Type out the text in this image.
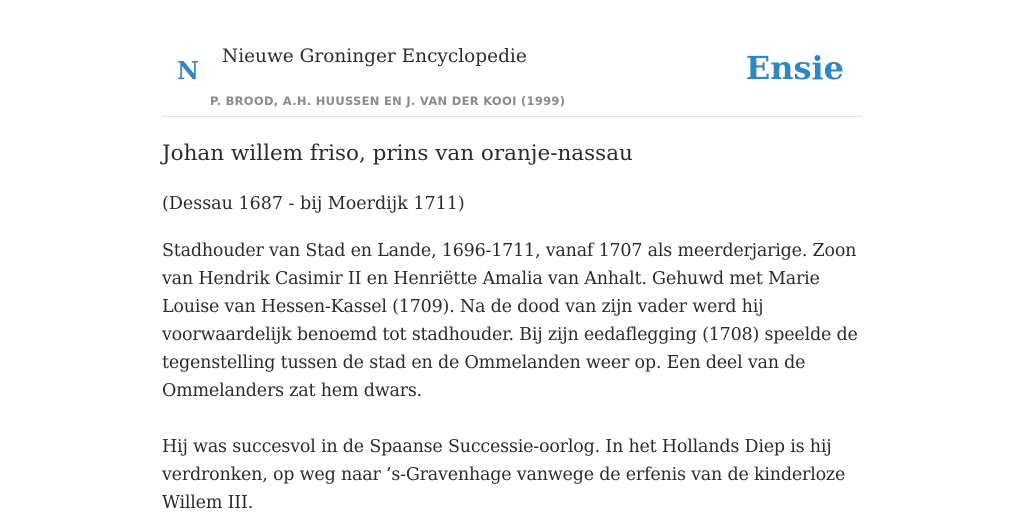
N Nieuwe Groninger Encyclopedie
P. BROOD, A.H. HUUSSEN EN J. VAN DER KOOI (1999)
Ensie
Johan willem friso, prins van oranje-nassau

(Dessau 1687 - bij Moerdijk 1711)

Stadhouder van Stad en Lande, 1696-1711, vanaf 1707 als meerderjarige. Zoon van Hendrik Casimir II en Henriëtte Amalia van Anhalt. Gehuwd met Marie Louise van Hessen-Kassel (1709). Na de dood van zijn vader werd hij voorwaardelijk benoemd tot stadhouder. Bij zijn eedaflegging (1708) speelde de tegenstelling tussen de stad en de Ommelanden weer op. Een deel van de Ommelanders zat hem dwars.

Hij was succesvol in de Spaanse Successie-oorlog. In het Hollands Diep is hij verdronken, op weg naar ’s-Gravenhage vanwege de erfenis van de kinderloze Willem III.
